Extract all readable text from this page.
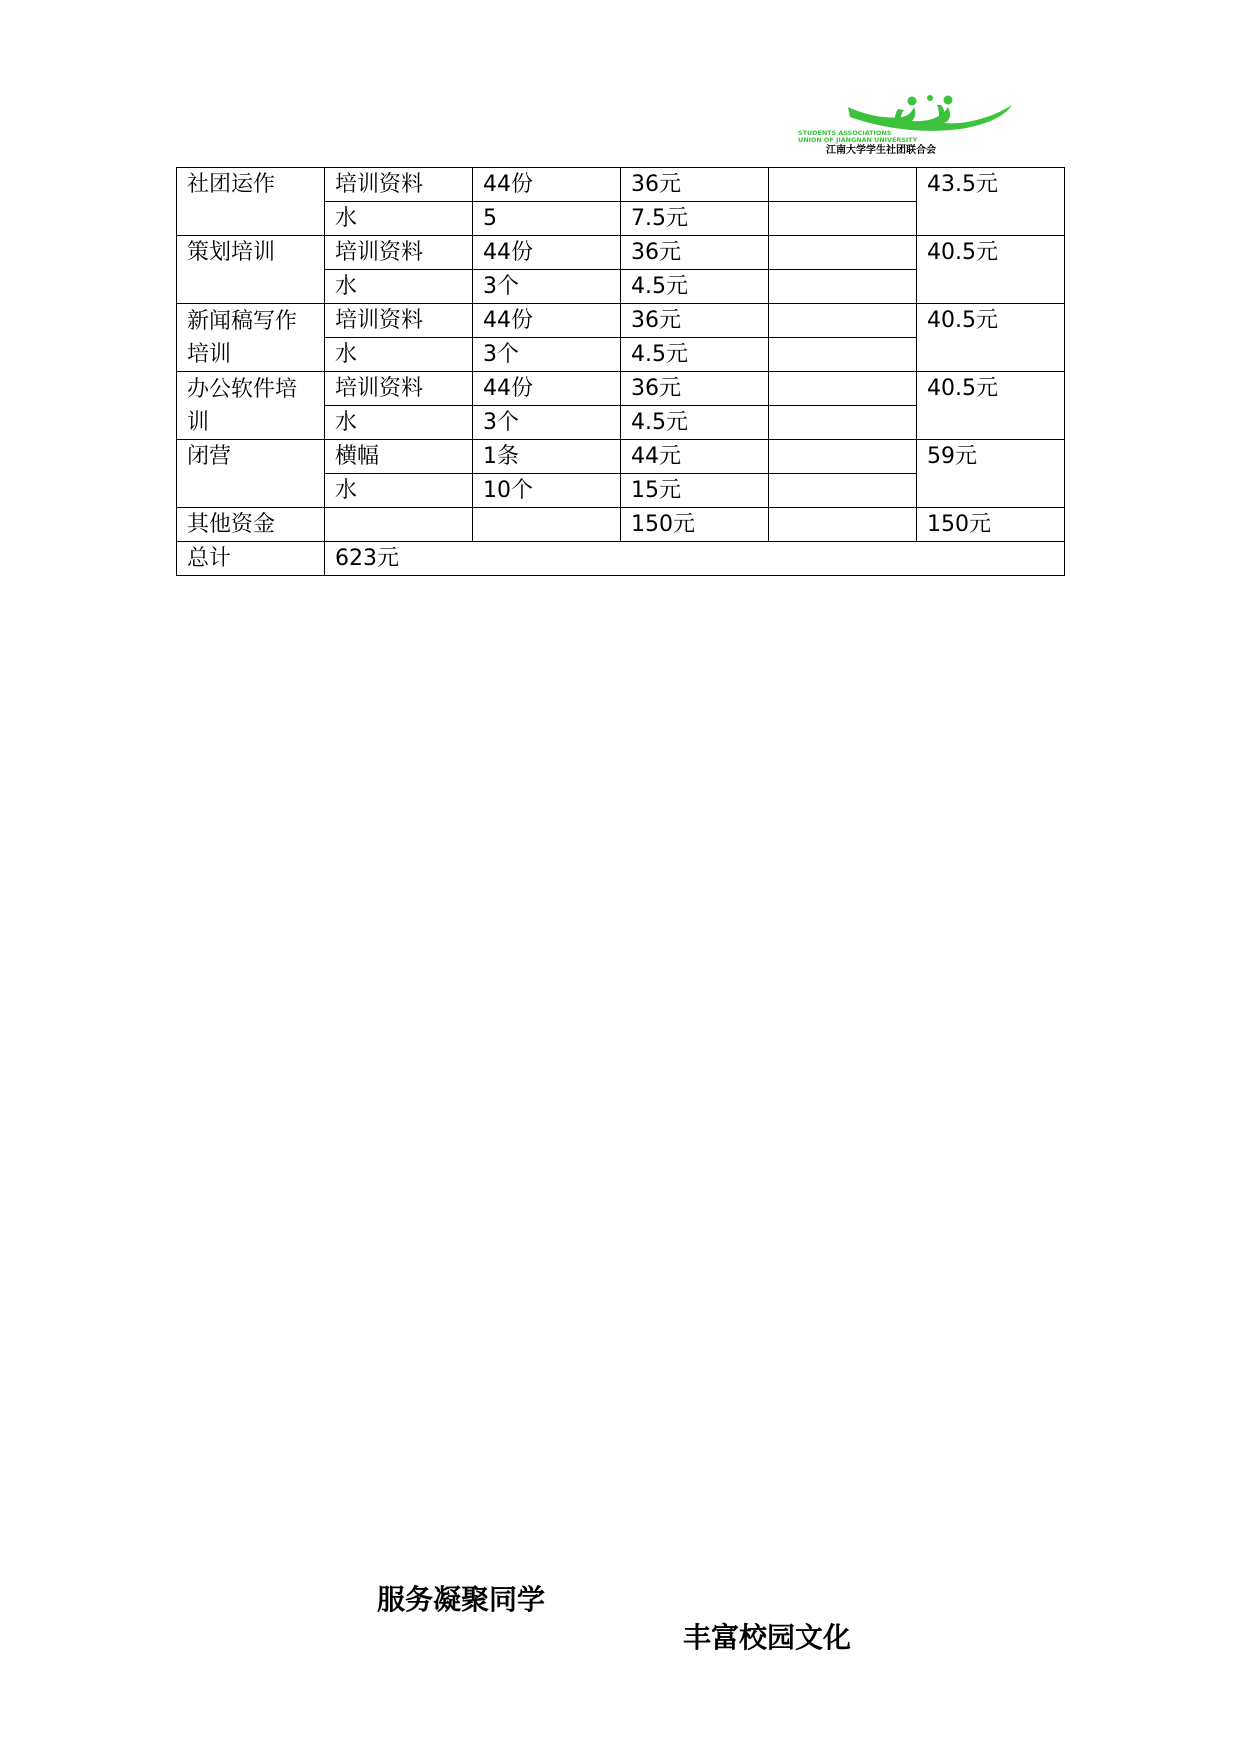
STUDENTS ASSOCIATIONS
UNION OF JIANGNAN UNIVERSITY
江南大学学生社团联合会
社团运作	培训资料	44份	36元		43.5元
	水	5	7.5元		
策划培训	培训资料	44份	36元		40.5元
	水	3个	4.5元		
新闻稿写作培训	培训资料	44份	36元		40.5元
	水	3个	4.5元		
办公软件培训	培训资料	44份	36元		40.5元
	水	3个	4.5元		
闭营	横幅	1条	44元		59元
	水	10个	15元		
其他资金			150元		150元
总计	623元				
服务凝聚同学
丰富校园文化
